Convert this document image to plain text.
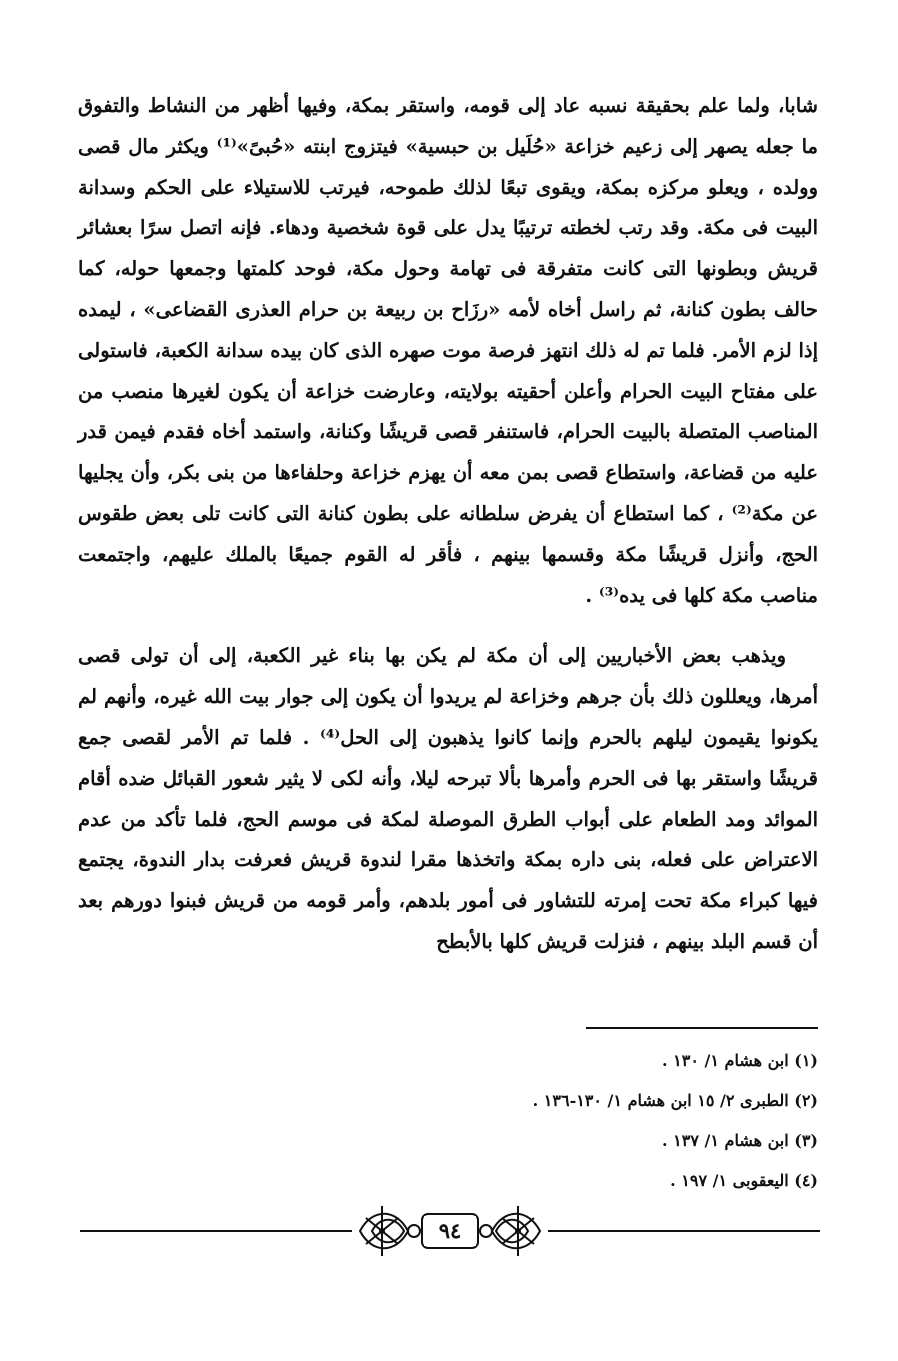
شابا، ولما علم بحقيقة نسبه عاد إلى قومه، واستقر بمكة، وفيها أظهر من النشاط والتفوق ما جعله يصهر إلى زعيم خزاعة «حُلَيل بن حبسية» فيتزوج ابنته «حُبىً»⁽¹⁾ ويكثر مال قصى وولده ، ويعلو مركزه بمكة، ويقوى تبعًا لذلك طموحه، فيرتب للاستيلاء على الحكم وسدانة البيت فى مكة. وقد رتب لخطته ترتيبًا يدل على قوة شخصية ودهاء. فإنه اتصل سرًا بعشائر قريش وبطونها التى كانت متفرقة فى تهامة وحول مكة، فوحد كلمتها وجمعها حوله، كما حالف بطون كنانة، ثم راسل أخاه لأمه «رزَاح بن ربيعة بن حرام العذرى القضاعى» ، ليمده إذا لزم الأمر. فلما تم له ذلك انتهز فرصة موت صهره الذى كان بيده سدانة الكعبة، فاستولى على مفتاح البيت الحرام وأعلن أحقيته بولايته، وعارضت خزاعة أن يكون لغيرها منصب من المناصب المتصلة بالبيت الحرام، فاستنفر قصى قريشًا وكنانة، واستمد أخاه فقدم فيمن قدر عليه من قضاعة، واستطاع قصى بمن معه أن يهزم خزاعة وحلفاءها من بنى بكر، وأن يجليها عن مكة⁽²⁾ ، كما استطاع أن يفرض سلطانه على بطون كنانة التى كانت تلى بعض طقوس الحج، وأنزل قريشًا مكة وقسمها بينهم ، فأقر له القوم جميعًا بالملك عليهم، واجتمعت مناصب مكة كلها فى يده⁽³⁾ .

ويذهب بعض الأخباريين إلى أن مكة لم يكن بها بناء غير الكعبة، إلى أن تولى قصى أمرها، ويعللون ذلك بأن جرهم وخزاعة لم يريدوا أن يكون إلى جوار بيت الله غيره، وأنهم لم يكونوا يقيمون ليلهم بالحرم وإنما كانوا يذهبون إلى الحل⁽⁴⁾ . فلما تم الأمر لقصى جمع قريشًا واستقر بها فى الحرم وأمرها بألا تبرحه ليلا، وأنه لكى لا يثير شعور القبائل ضده أقام الموائد ومد الطعام على أبواب الطرق الموصلة لمكة فى موسم الحج، فلما تأكد من عدم الاعتراض على فعله، بنى داره بمكة واتخذها مقرا لندوة قريش فعرفت بدار الندوة، يجتمع فيها كبراء مكة تحت إمرته للتشاور فى أمور بلدهم، وأمر قومه من قريش فبنوا دورهم بعد أن قسم البلد بينهم ، فنزلت قريش كلها بالأبطح

(١) ابن هشام ١/ ١٣٠ .

(٢) الطبرى ٢/ ١٥ ابن هشام ١/ ١٣٠-١٣٦ .

(٣) ابن هشام ١/ ١٣٧ .

(٤) اليعقوبى ١/ ١٩٧ .

٩٤
